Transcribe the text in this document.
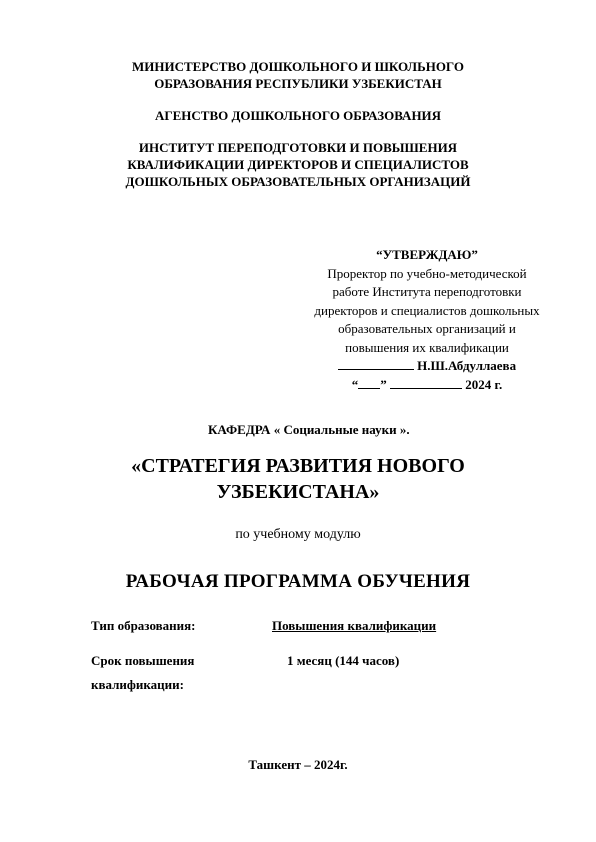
МИНИСТЕРСТВО ДОШКОЛЬНОГО И ШКОЛЬНОГО
ОБРАЗОВАНИЯ РЕСПУБЛИКИ УЗБЕКИСТАН
АГЕНСТВО ДОШКОЛЬНОГО ОБРАЗОВАНИЯ
ИНСТИТУТ ПЕРЕПОДГОТОВКИ И ПОВЫШЕНИЯ
КВАЛИФИКАЦИИ ДИРЕКТОРОВ И СПЕЦИАЛИСТОВ
ДОШКОЛЬНЫХ ОБРАЗОВАТЕЛЬНЫХ ОРГАНИЗАЦИЙ
“УТВЕРЖДАЮ”
Проректор по учебно-методической
работе Института переподготовки
директоров и специалистов дошкольных
образовательных организаций и
повышения их квалификации
Н.Ш.Абдуллаева
“ ”	2024 г.
КАФЕДРА « Социальные науки ».
«СТРАТЕГИЯ РАЗВИТИЯ НОВОГО
УЗБЕКИСТАНА»
по учебному модулю
РАБОЧАЯ ПРОГРАММА ОБУЧЕНИЯ
Тип образования:	Повышения квалификации
Срок повышения
квалификации:
1 месяц (144 часов)
Ташкент – 2024г.
